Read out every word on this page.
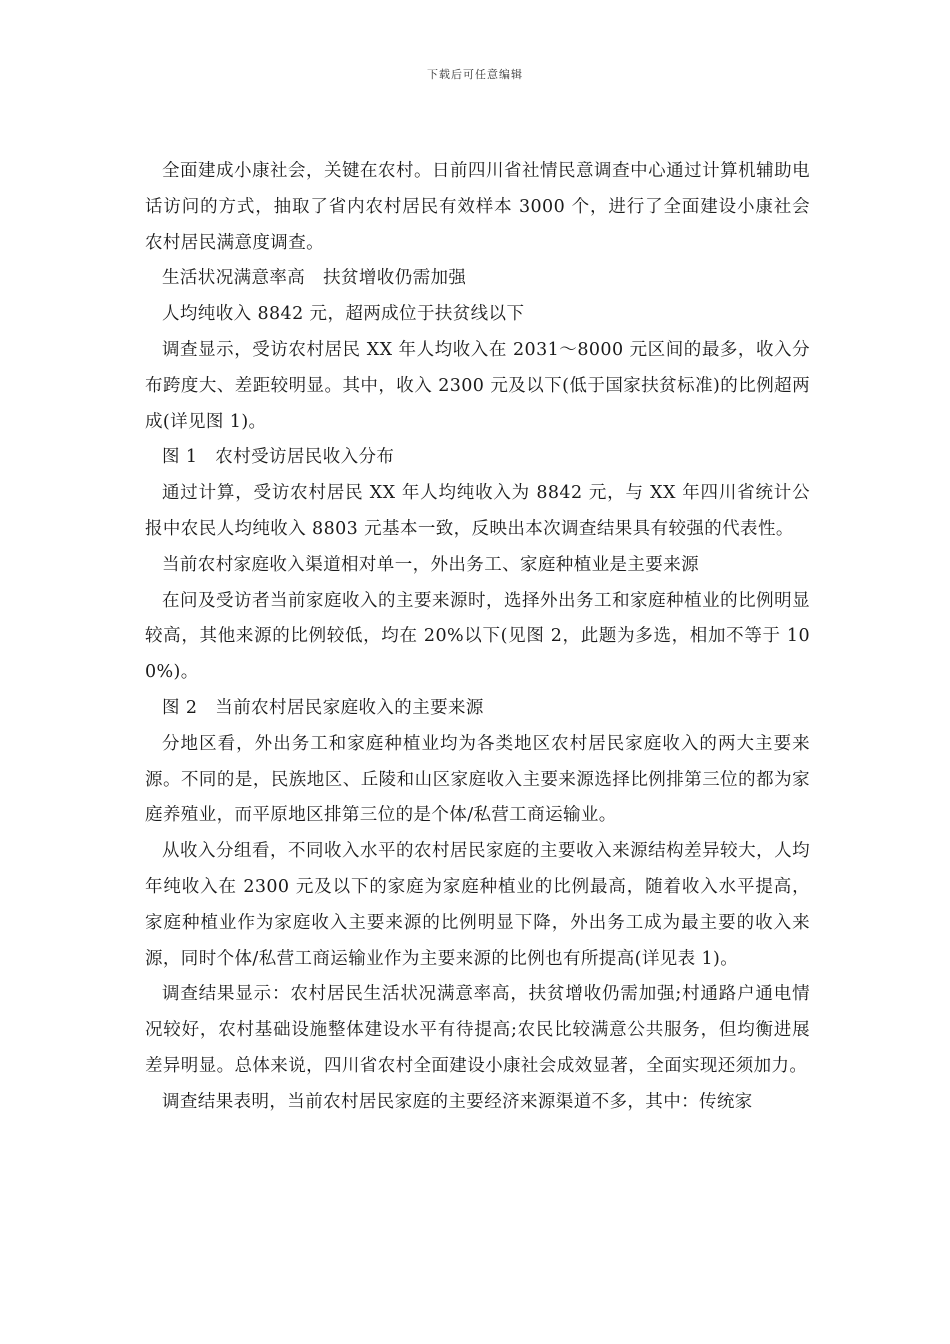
下载后可任意编辑

全面建成小康社会，关键在农村。日前四川省社情民意调查中心通过计算机辅助电话访问的方式，抽取了省内农村居民有效样本 3000 个，进行了全面建设小康社会农村居民满意度调查。

生活状况满意率高　扶贫增收仍需加强

人均纯收入 8842 元，超两成位于扶贫线以下

调查显示，受访农村居民 XX 年人均收入在 2031～8000 元区间的最多，收入分布跨度大、差距较明显。其中，收入 2300 元及以下(低于国家扶贫标准)的比例超两成(详见图 1)。

图 1　农村受访居民收入分布

通过计算，受访农村居民 XX 年人均纯收入为 8842 元，与 XX 年四川省统计公报中农民人均纯收入 8803 元基本一致，反映出本次调查结果具有较强的代表性。

当前农村家庭收入渠道相对单一，外出务工、家庭种植业是主要来源

在问及受访者当前家庭收入的主要来源时，选择外出务工和家庭种植业的比例明显较高，其他来源的比例较低，均在 20%以下(见图 2，此题为多选，相加不等于 100%)。

图 2　当前农村居民家庭收入的主要来源

分地区看，外出务工和家庭种植业均为各类地区农村居民家庭收入的两大主要来源。不同的是，民族地区、丘陵和山区家庭收入主要来源选择比例排第三位的都为家庭养殖业，而平原地区排第三位的是个体/私营工商运输业。

从收入分组看，不同收入水平的农村居民家庭的主要收入来源结构差异较大，人均年纯收入在 2300 元及以下的家庭为家庭种植业的比例最高，随着收入水平提高，家庭种植业作为家庭收入主要来源的比例明显下降，外出务工成为最主要的收入来源，同时个体/私营工商运输业作为主要来源的比例也有所提高(详见表 1)。

调查结果显示：农村居民生活状况满意率高，扶贫增收仍需加强;村通路户通电情况较好，农村基础设施整体建设水平有待提高;农民比较满意公共服务，但均衡进展差异明显。总体来说，四川省农村全面建设小康社会成效显著，全面实现还须加力。

调查结果表明，当前农村居民家庭的主要经济来源渠道不多，其中：传统家
